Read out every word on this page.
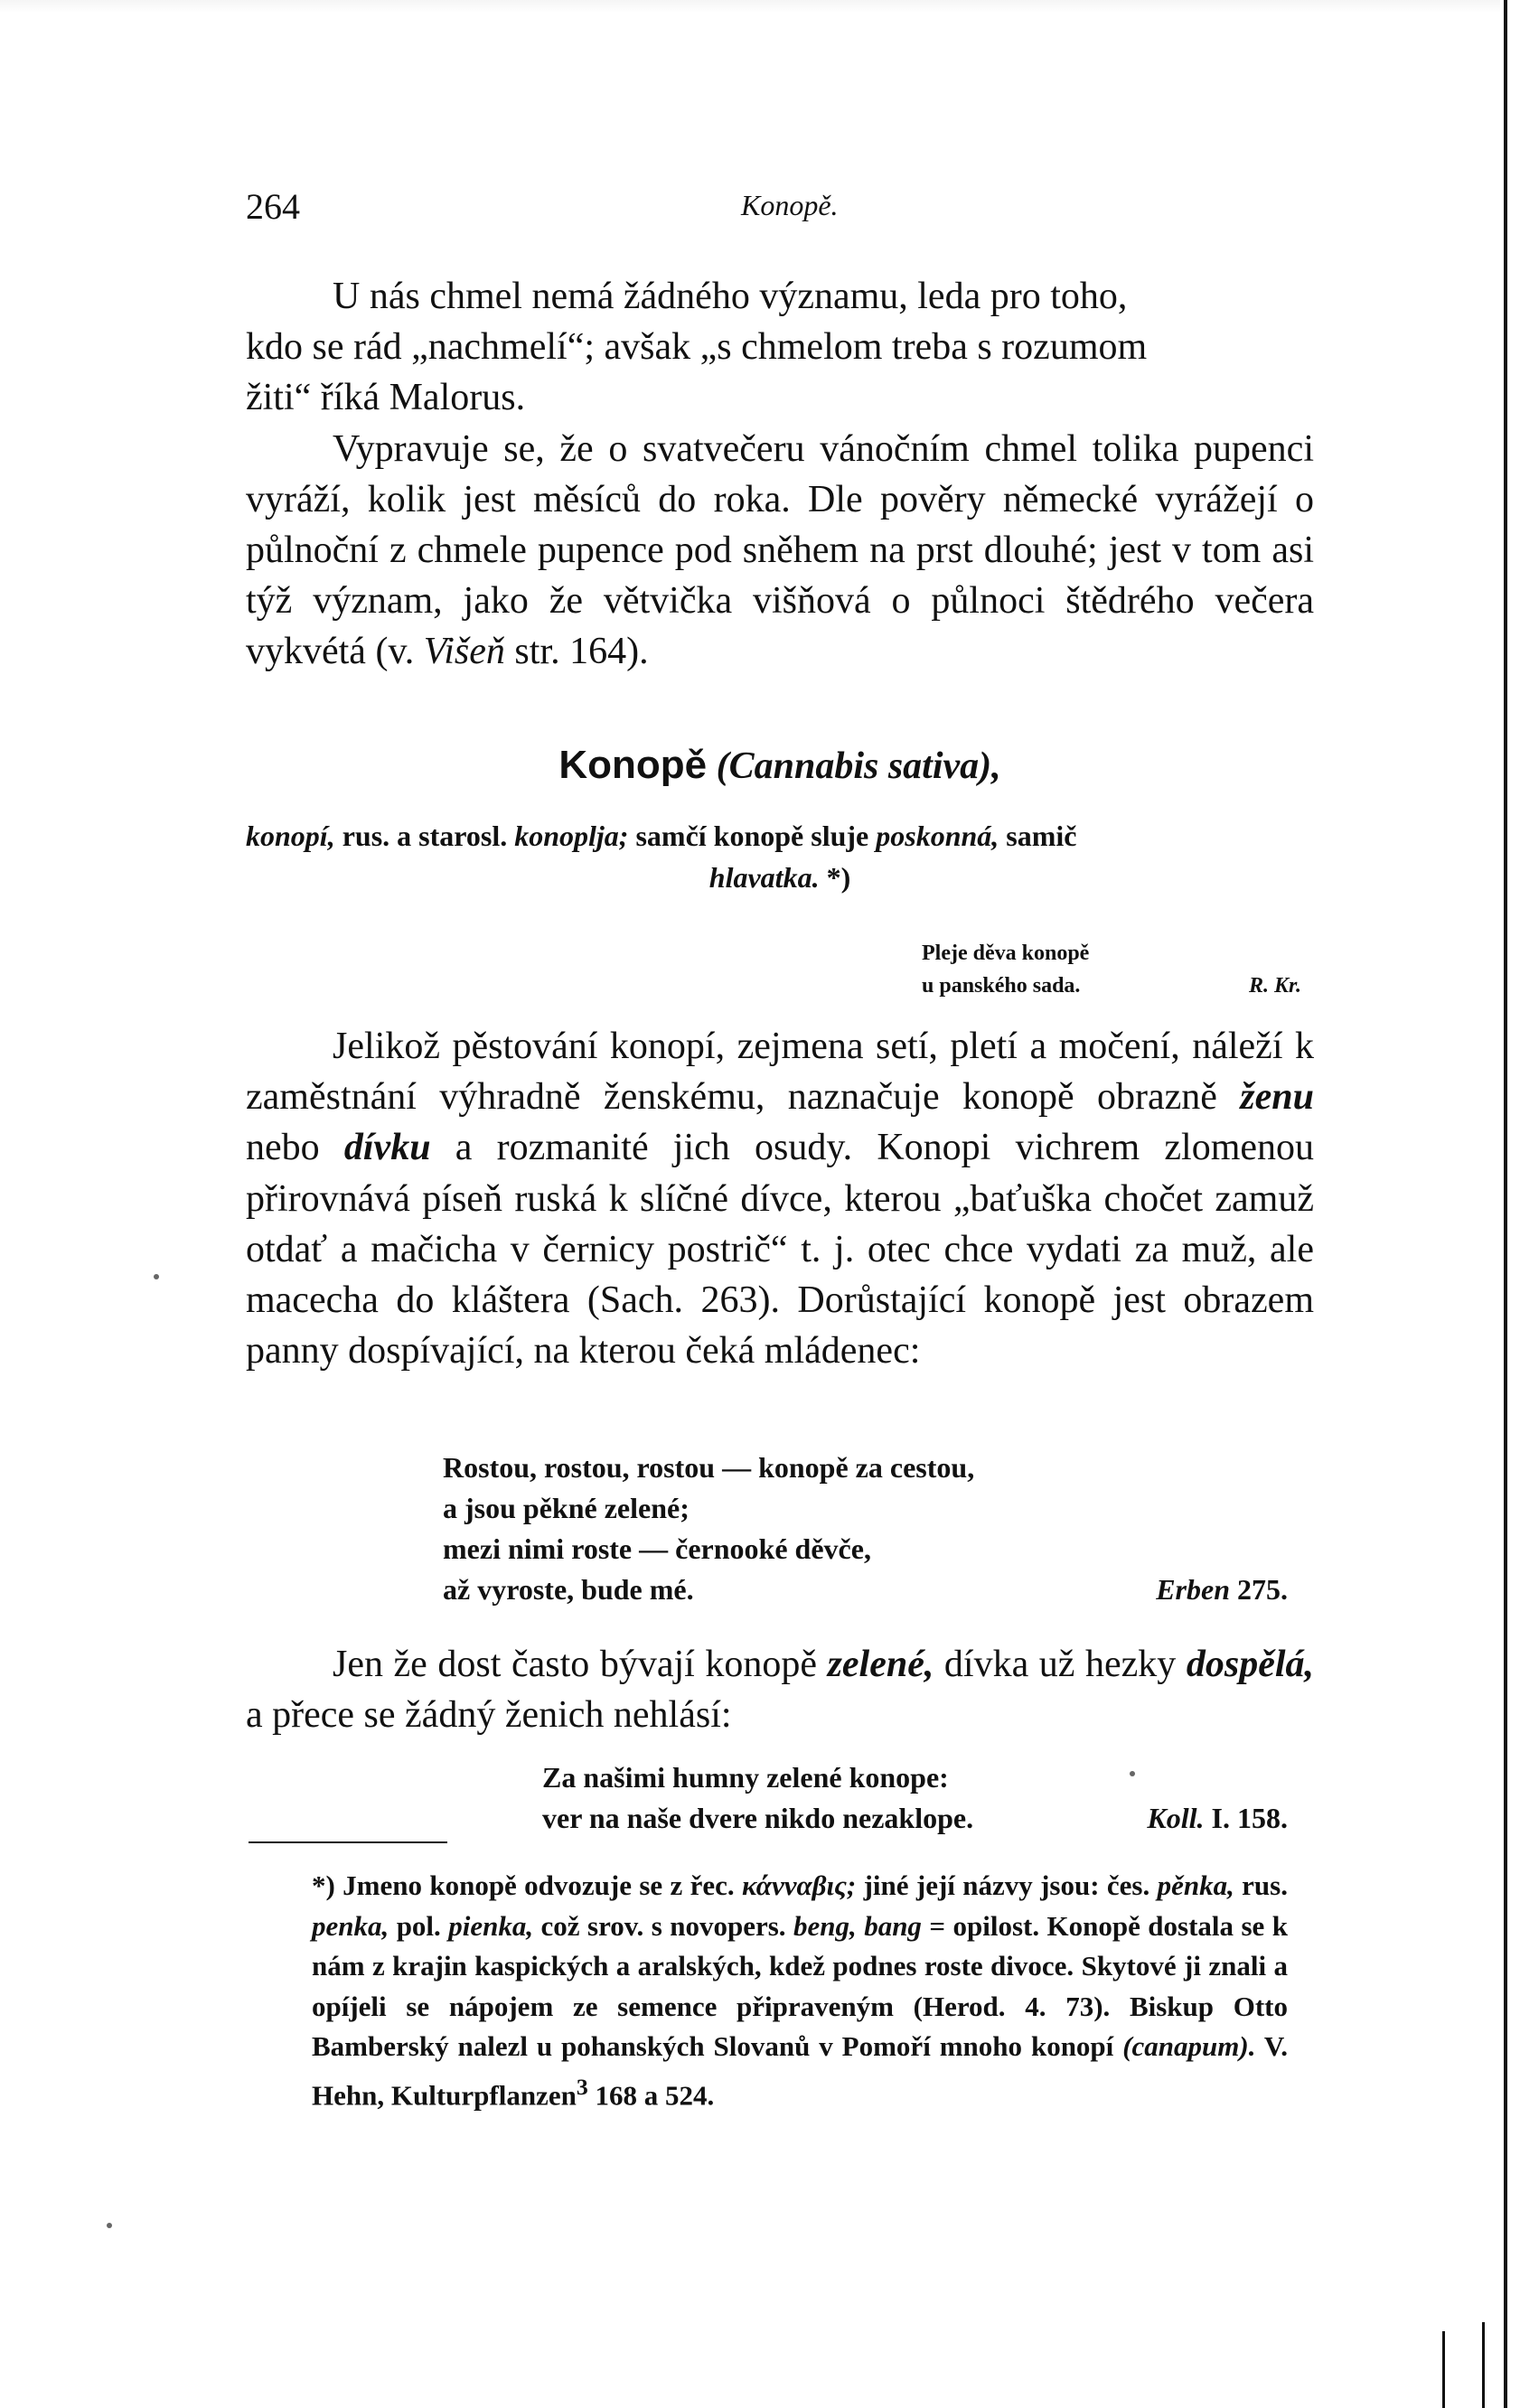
264	Konopě.
U nás chmel nemá žádného významu, leda pro toho,
kdo se rád „nachmelí“; avšak „s chmelom treba s rozumom
žiti“ říká Malorus.

Vypravuje se, že o svatvečeru vánočním chmel tolika pupenci vyráží, kolik jest měsíců do roka. Dle pověry německé vyrážejí o půlnoční z chmele pupence pod sněhem na prst dlouhé; jest v tom asi týž význam, jako že větvička višňová o půlnoci štědrého večera vykvétá (v. Višeň str. 164).

Konopě (Cannabis sativa),
konopí, rus. a starosl. konoplja; samčí konopě sluje poskonná, samič
hlavatka. *)
Pleje děva konopě
u panského sada.	R. Kr.

Jelikož pěstování konopí, zejmena setí, pletí a močení, náleží k zaměstnání výhradně ženskému, naznačuje konopě obrazně ženu nebo dívku a rozmanité jich osudy. Konopi vichrem zlomenou přirovnává píseň ruská k slíčné dívce, kterou „baťuška chočet zamuž otdať a mačicha v černicy postrič“ t. j. otec chce vydati za muž, ale macecha do kláštera (Sach. 263). Dorůstající konopě jest obrazem panny dospívající, na kterou čeká mládenec:

Rostou, rostou, rostou — konopě za cestou,
a jsou pěkné zelené;
mezi nimi roste — černooké děvče,
až vyroste, bude mé.	Erben 275.

Jen že dost často bývají konopě zelené, dívka už hezky dospělá, a přece se žádný ženich nehlásí:

Za našimi humny zelené konope:
ver na naše dvere nikdo nezaklope.	Koll. I. 158.
*) Jmeno konopě odvozuje se z řec. κάνναβις; jiné její názvy jsou: čes. pěnka, rus. penka, pol. pienka, což srov. s novopers. beng, bang = opilost. Konopě dostala se k nám z krajin kaspických a aralských, kdež podnes roste divoce. Skytové ji znali a opíjeli se nápojem ze semence připraveným (Herod. 4. 73). Biskup Otto Bamberský nalezl u pohanských Slovanů v Pomoří mnoho konopí (canapum). V. Hehn, Kulturpflanzen$^3$ 168 a 524.
